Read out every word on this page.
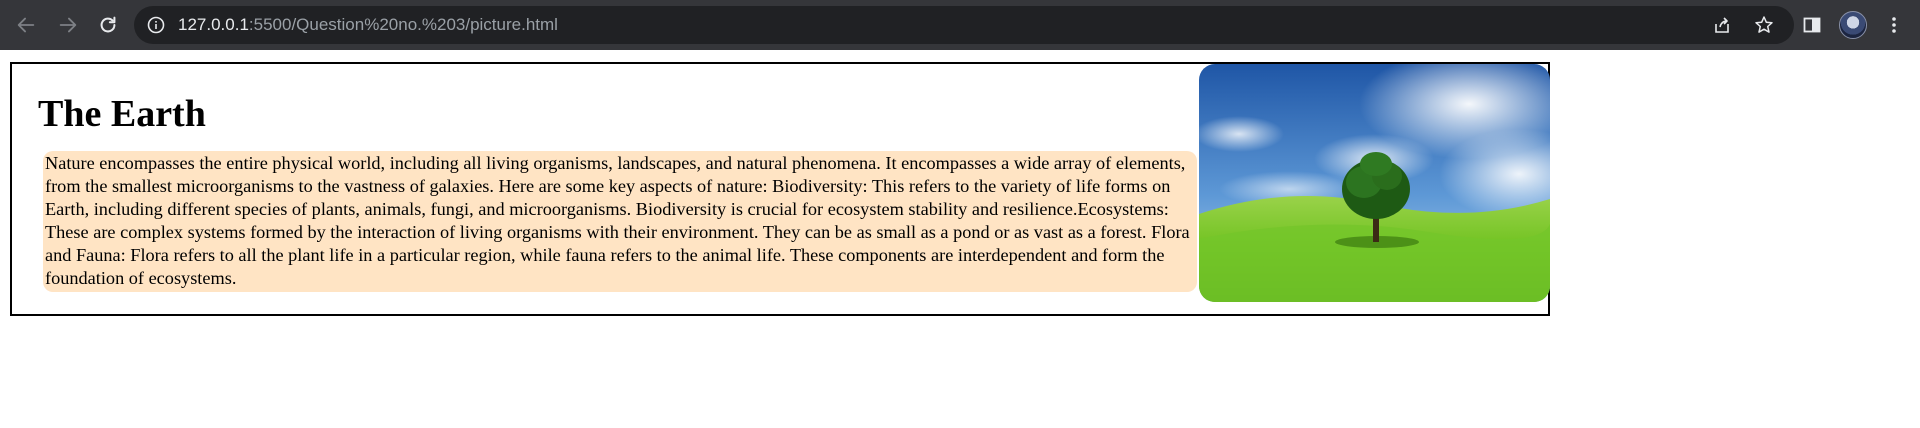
127.0.0.1:5500/Question%20no.%203/picture.html
The Earth

Nature encompasses the entire physical world, including all living organisms, landscapes, and natural phenomena. It encompasses a wide array of elements, from the smallest microorganisms to the vastness of galaxies. Here are some key aspects of nature: Biodiversity: This refers to the variety of life forms on Earth, including different species of plants, animals, fungi, and microorganisms. Biodiversity is crucial for ecosystem stability and resilience.Ecosystems: These are complex systems formed by the interaction of living organisms with their environment. They can be as small as a pond or as vast as a forest. Flora and Fauna: Flora refers to all the plant life in a particular region, while fauna refers to the animal life. These components are interdependent and form the foundation of ecosystems.
